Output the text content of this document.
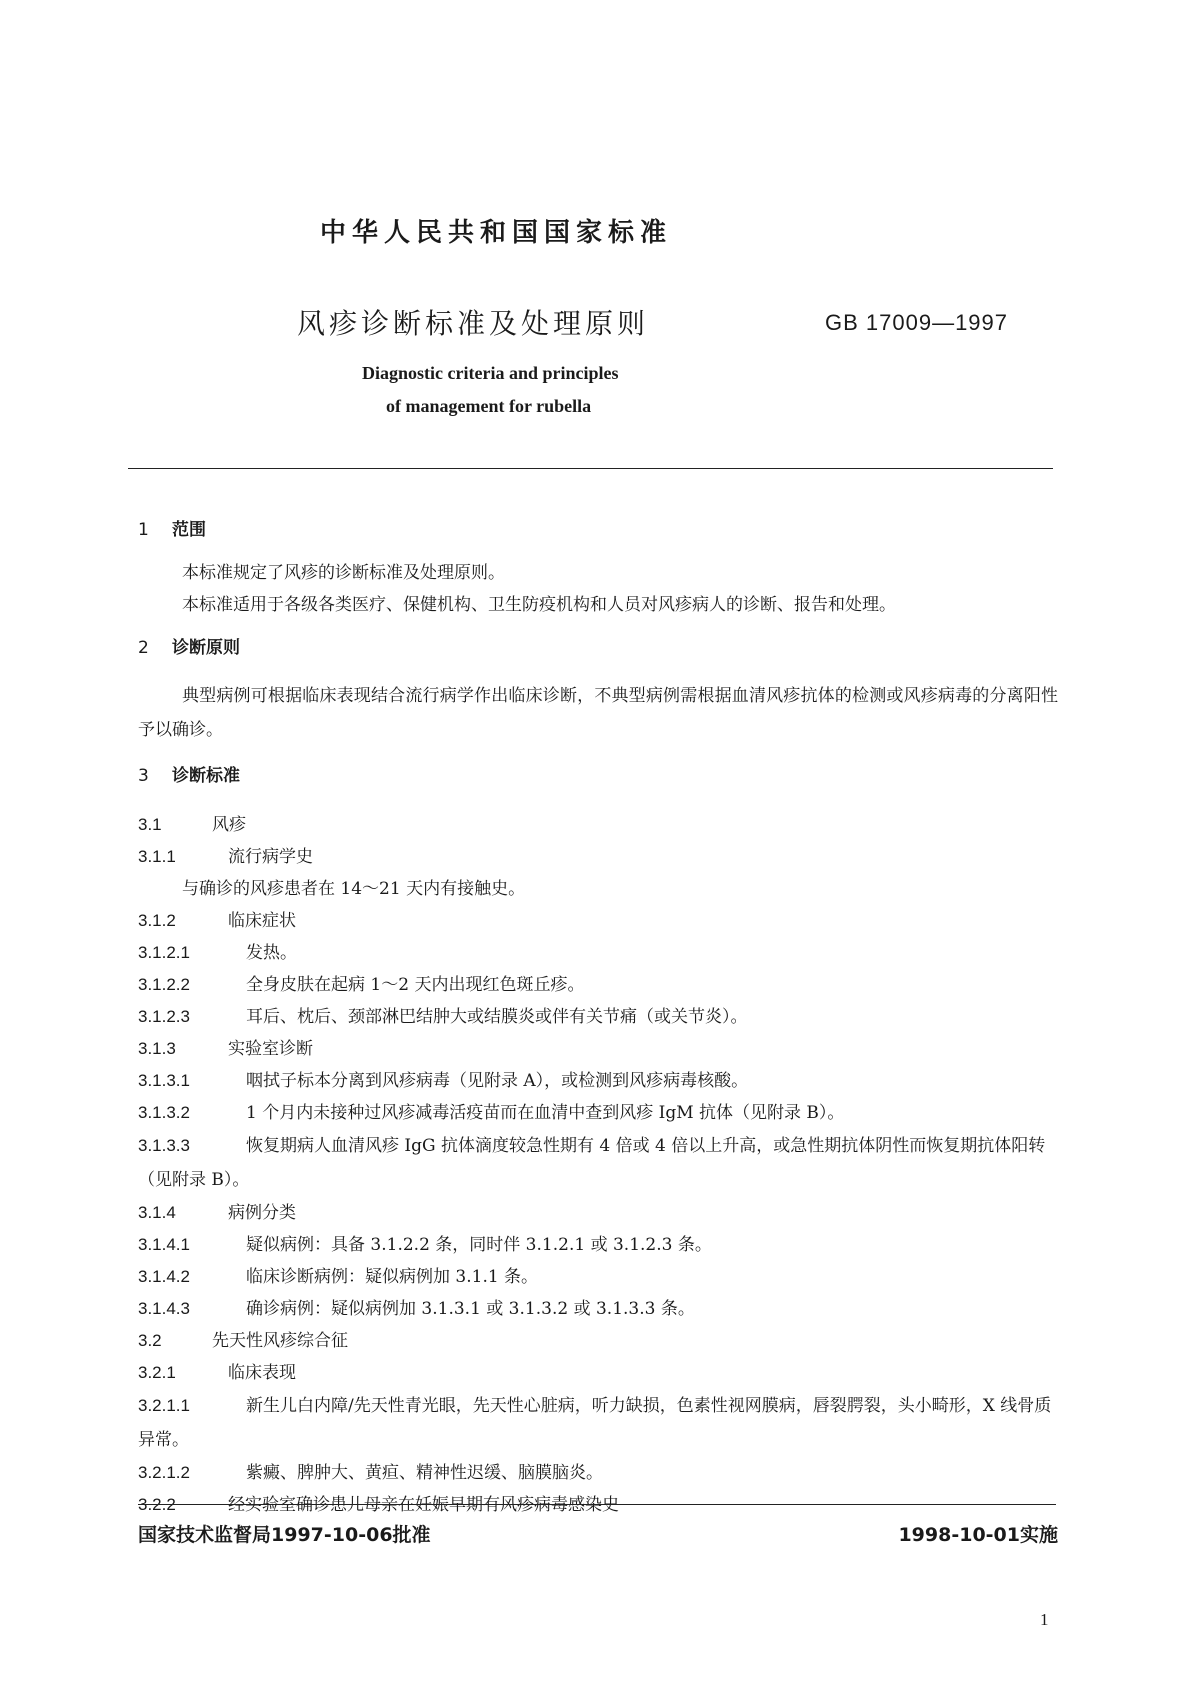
中华人民共和国国家标准
风疹诊断标准及处理原则	GB 17009—1997
Diagnostic criteria and principles
of management for rubella
1 范围
本标准规定了风疹的诊断标准及处理原则。
本标准适用于各级各类医疗、保健机构、卫生防疫机构和人员对风疹病人的诊断、报告和处理。
2 诊断原则
典型病例可根据临床表现结合流行病学作出临床诊断，不典型病例需根据血清风疹抗体的检测或风疹病毒的分离阳性予以确诊。
3 诊断标准
3.1	风疹
3.1.1	流行病学史
与确诊的风疹患者在 14～21 天内有接触史。
3.1.2	临床症状
3.1.2.1	发热。
3.1.2.2	全身皮肤在起病 1～2 天内出现红色斑丘疹。
3.1.2.3	耳后、枕后、颈部淋巴结肿大或结膜炎或伴有关节痛（或关节炎）。
3.1.3	实验室诊断
3.1.3.1	咽拭子标本分离到风疹病毒（见附录 A），或检测到风疹病毒核酸。
3.1.3.2	1 个月内未接种过风疹减毒活疫苗而在血清中查到风疹 IgM 抗体（见附录 B）。
3.1.3.3	恢复期病人血清风疹 IgG 抗体滴度较急性期有 4 倍或 4 倍以上升高，或急性期抗体阴性而恢复期抗体阳转（见附录 B）。
3.1.4	病例分类
3.1.4.1	疑似病例：具备 3.1.2.2 条，同时伴 3.1.2.1 或 3.1.2.3 条。
3.1.4.2	临床诊断病例：疑似病例加 3.1.1 条。
3.1.4.3	确诊病例：疑似病例加 3.1.3.1 或 3.1.3.2 或 3.1.3.3 条。
3.2	先天性风疹综合征
3.2.1	临床表现
3.2.1.1	新生儿白内障/先天性青光眼，先天性心脏病，听力缺损，色素性视网膜病，唇裂腭裂，头小畸形，X 线骨质异常。
3.2.1.2	紫癜、脾肿大、黄疸、精神性迟缓、脑膜脑炎。
3.2.2	经实验室确诊患儿母亲在妊娠早期有风疹病毒感染史
国家技术监督局1997-10-06批准	1998-10-01实施
1
